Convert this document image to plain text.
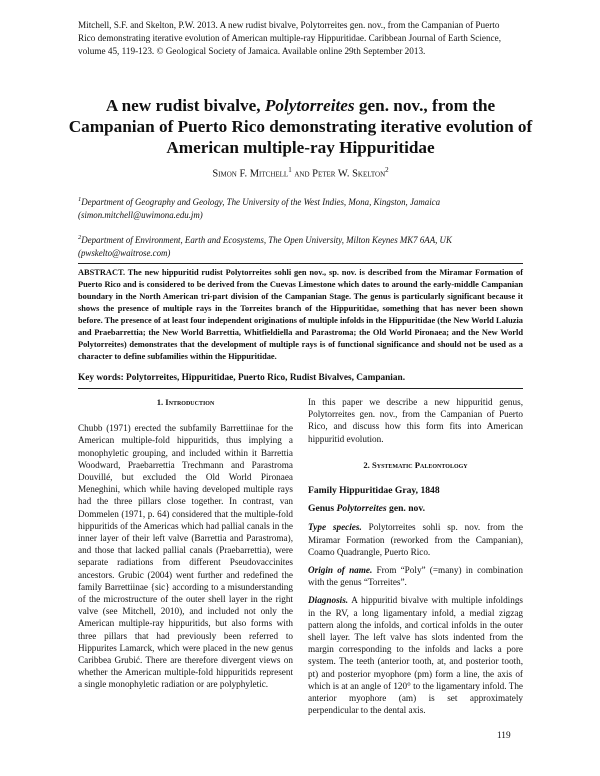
Mitchell, S.F. and Skelton, P.W. 2013. A new rudist bivalve, Polytorreites gen. nov., from the Campanian of Puerto
Rico demonstrating iterative evolution of American multiple-ray Hippuritidae. Caribbean Journal of Earth Science,
volume 45, 119-123. © Geological Society of Jamaica. Available online 29th September 2013.
A new rudist bivalve, Polytorreites gen. nov., from the Campanian of Puerto Rico demonstrating iterative evolution of American multiple-ray Hippuritidae
Simon F. Mitchell$^1$ and Peter W. Skelton$^2$
$^1$Department of Geography and Geology, The University of the West Indies, Mona, Kingston, Jamaica (simon.mitchell@uwimona.edu.jm)
$^2$Department of Environment, Earth and Ecosystems, The Open University, Milton Keynes MK7 6AA, UK (pwskelto@waitrose.com)
ABSTRACT. The new hippuritid rudist Polytorreites sohli gen nov., sp. nov. is described from the Miramar Formation of Puerto Rico and is considered to be derived from the Cuevas Limestone which dates to around the early-middle Campanian boundary in the North American tri-part division of the Campanian Stage. The genus is particularly significant because it shows the presence of multiple rays in the Torreites branch of the Hippuritidae, something that has never been shown before. The presence of at least four independent originations of multiple infolds in the Hippuritidae (the New World Laluzia and Praebarrettia; the New World Barrettia, Whitfieldiella and Parastroma; the Old World Pironaea; and the New World Polytorreites) demonstrates that the development of multiple rays is of functional significance and should not be used as a character to define subfamilies within the Hippuritidae.
Key words: Polytorreites, Hippuritidae, Puerto Rico, Rudist Bivalves, Campanian.

1. Introduction

Chubb (1971) erected the subfamily Barrettiinae for the American multiple-fold hippuritids, thus implying a monophyletic grouping, and included within it Barrettia Woodward, Praebarrettia Trechmann and Parastroma Douvillé, but excluded the Old World Pironaea Meneghini, which while having developed multiple rays had the three pillars close together. In contrast, van Dommelen (1971, p. 64) considered that the multiple-fold hippuritids of the Americas which had pallial canals in the inner layer of their left valve (Barrettia and Parastroma), and those that lacked pallial canals (Praebarrettia), were separate radiations from different Pseudovaccinites ancestors. Grubic (2004) went further and redefined the family Barrettiinae {sic} according to a misunderstanding of the microstructure of the outer shell layer in the right valve (see Mitchell, 2010), and included not only the American multiple-ray hippuritids, but also forms with three pillars that had previously been referred to Hippurites Lamarck, which were placed in the new genus Caribbea Grubić. There are therefore divergent views on whether the American multiple-fold hippuritids represent a single monophyletic radiation or are polyphyletic.

In this paper we describe a new hippuritid genus, Polytorreites gen. nov., from the Campanian of Puerto Rico, and discuss how this form fits into American hippuritid evolution.

2. Systematic Paleontology

Family Hippuritidae Gray, 1848

Genus Polytorreites gen. nov.

Type species. Polytorreites sohli sp. nov. from the Miramar Formation (reworked from the Campanian), Coamo Quadrangle, Puerto Rico.

Origin of name. From “Poly” (=many) in combination with the genus “Torreites”.

Diagnosis. A hippuritid bivalve with multiple infoldings in the RV, a long ligamentary infold, a medial zigzag pattern along the infolds, and cortical infolds in the outer shell layer. The left valve has slots indented from the margin corresponding to the infolds and lacks a pore system. The teeth (anterior tooth, at, and posterior tooth, pt) and posterior myophore (pm) form a line, the axis of which is at an angle of 120° to the ligamentary infold. The anterior myophore (am) is set approximately perpendicular to the dental axis.

119
